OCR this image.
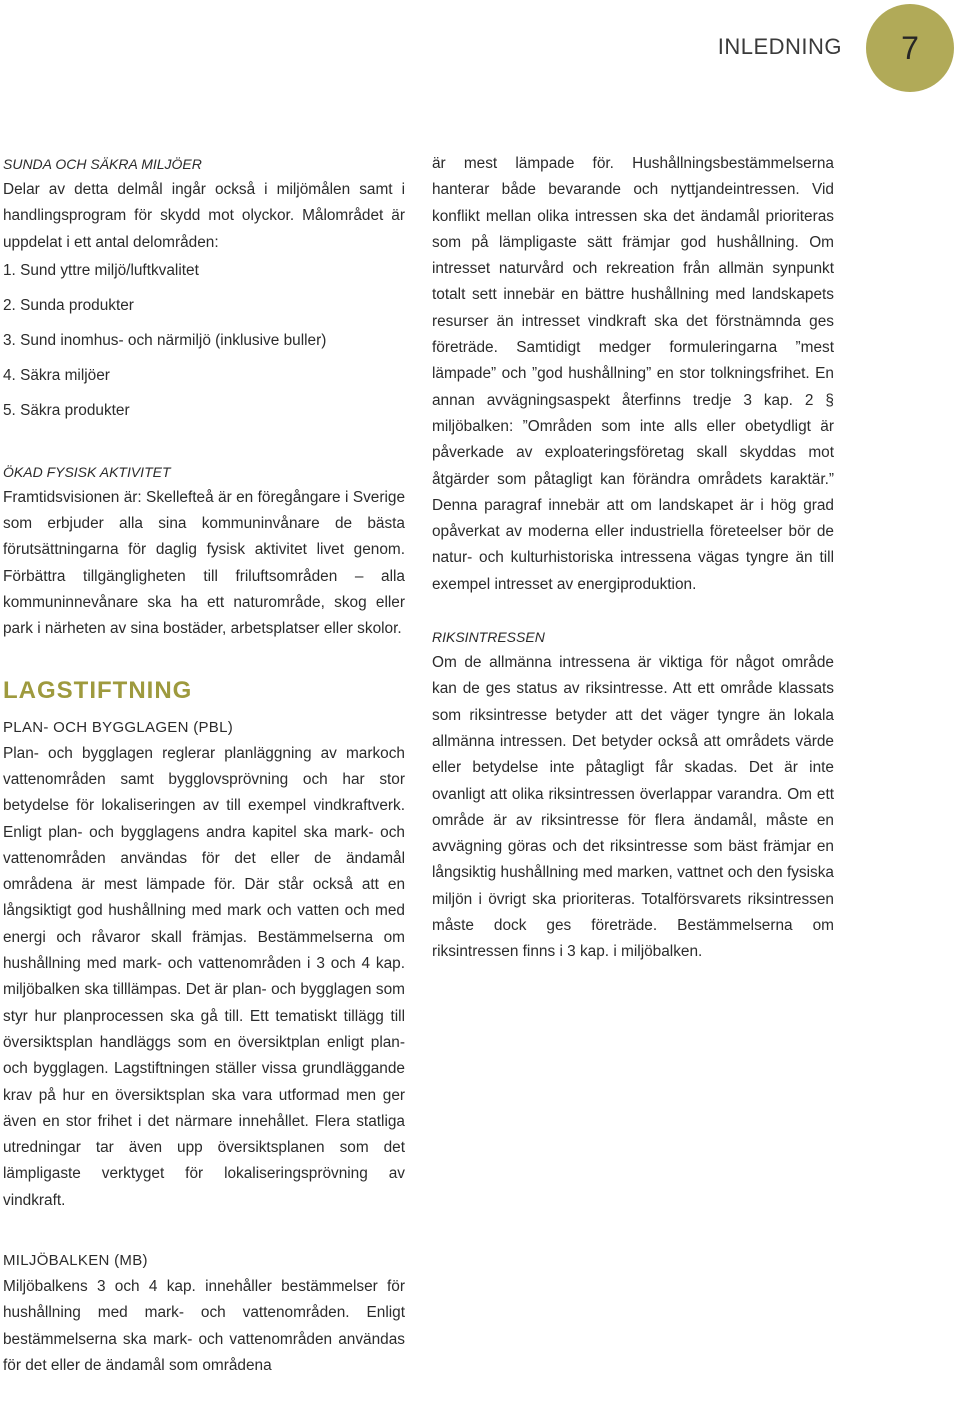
INLEDNING 7

SUNDA OCH SÄKRA MILJÖER

Delar av detta delmål ingår också i miljömålen samt i handlingsprogram för skydd mot olyckor. Målområdet är uppdelat i ett antal delområden:

1. Sund yttre miljö/luftkvalitet
2. Sunda produkter
3. Sund inomhus- och närmiljö (inklusive buller)
4. Säkra miljöer
5. Säkra produkter

ÖKAD FYSISK AKTIVITET

Framtidsvisionen är: Skellefteå är en föregångare i Sverige som erbjuder alla sina kommuninvånare de bästa förutsättningarna för daglig fysisk aktivitet livet genom. Förbättra tillgängligheten till friluftsområden – alla kommuninnevånare ska ha ett naturområde, skog eller park i närheten av sina bostäder, arbetsplatser eller skolor.

LAGSTIFTNING

PLAN- OCH BYGGLAGEN (PBL)

Plan- och bygglagen reglerar planläggning av markoch vattenområden samt bygglovsprövning och har stor betydelse för lokaliseringen av till exempel vindkraftverk. Enligt plan- och bygglagens andra kapitel ska mark- och vattenområden användas för det eller de ändamål områdena är mest lämpade för. Där står också att en långsiktigt god hushållning med mark och vatten och med energi och råvaror skall främjas. Bestämmelserna om hushållning med mark- och vattenområden i 3 och 4 kap. miljöbalken ska tilllämpas. Det är plan- och bygglagen som styr hur planprocessen ska gå till. Ett tematiskt tillägg till översiktsplan handläggs som en översiktplan enligt plan- och bygglagen. Lagstiftningen ställer vissa grundläggande krav på hur en översiktsplan ska vara utformad men ger även en stor frihet i det närmare innehållet. Flera statliga utredningar tar även upp översiktsplanen som det lämpligaste verktyget för lokaliseringsprövning av vindkraft.

MILJÖBALKEN (MB)

Miljöbalkens 3 och 4 kap. innehåller bestämmelser för hushållning med mark- och vattenområden. Enligt bestämmelserna ska mark- och vattenområden användas för det eller de ändamål som områdena

är mest lämpade för. Hushållningsbestämmelserna hanterar både bevarande och nyttjandeintressen. Vid konflikt mellan olika intressen ska det ändamål prioriteras som på lämpligaste sätt främjar god hushållning. Om intresset naturvård och rekreation från allmän synpunkt totalt sett innebär en bättre hushållning med landskapets resurser än intresset vindkraft ska det förstnämnda ges företräde. Samtidigt medger formuleringarna ”mest lämpade” och ”god hushållning” en stor tolkningsfrihet. En annan avvägningsaspekt återfinns tredje 3 kap. 2 § miljöbalken: ”Områden som inte alls eller obetydligt är påverkade av exploateringsföretag skall skyddas mot åtgärder som påtagligt kan förändra områdets karaktär.” Denna paragraf innebär att om landskapet är i hög grad opåverkat av moderna eller industriella företeelser bör de natur- och kulturhistoriska intressena vägas tyngre än till exempel intresset av energiproduktion.

RIKSINTRESSEN

Om de allmänna intressena är viktiga för något område kan de ges status av riksintresse. Att ett område klassats som riksintresse betyder att det väger tyngre än lokala allmänna intressen. Det betyder också att områdets värde eller betydelse inte påtagligt får skadas. Det är inte ovanligt att olika riksintressen överlappar varandra. Om ett område är av riksintresse för flera ändamål, måste en avvägning göras och det riksintresse som bäst främjar en långsiktig hushållning med marken, vattnet och den fysiska miljön i övrigt ska prioriteras. Totalförsvarets riksintressen måste dock ges företräde. Bestämmelserna om riksintressen finns i 3 kap. i miljöbalken.
